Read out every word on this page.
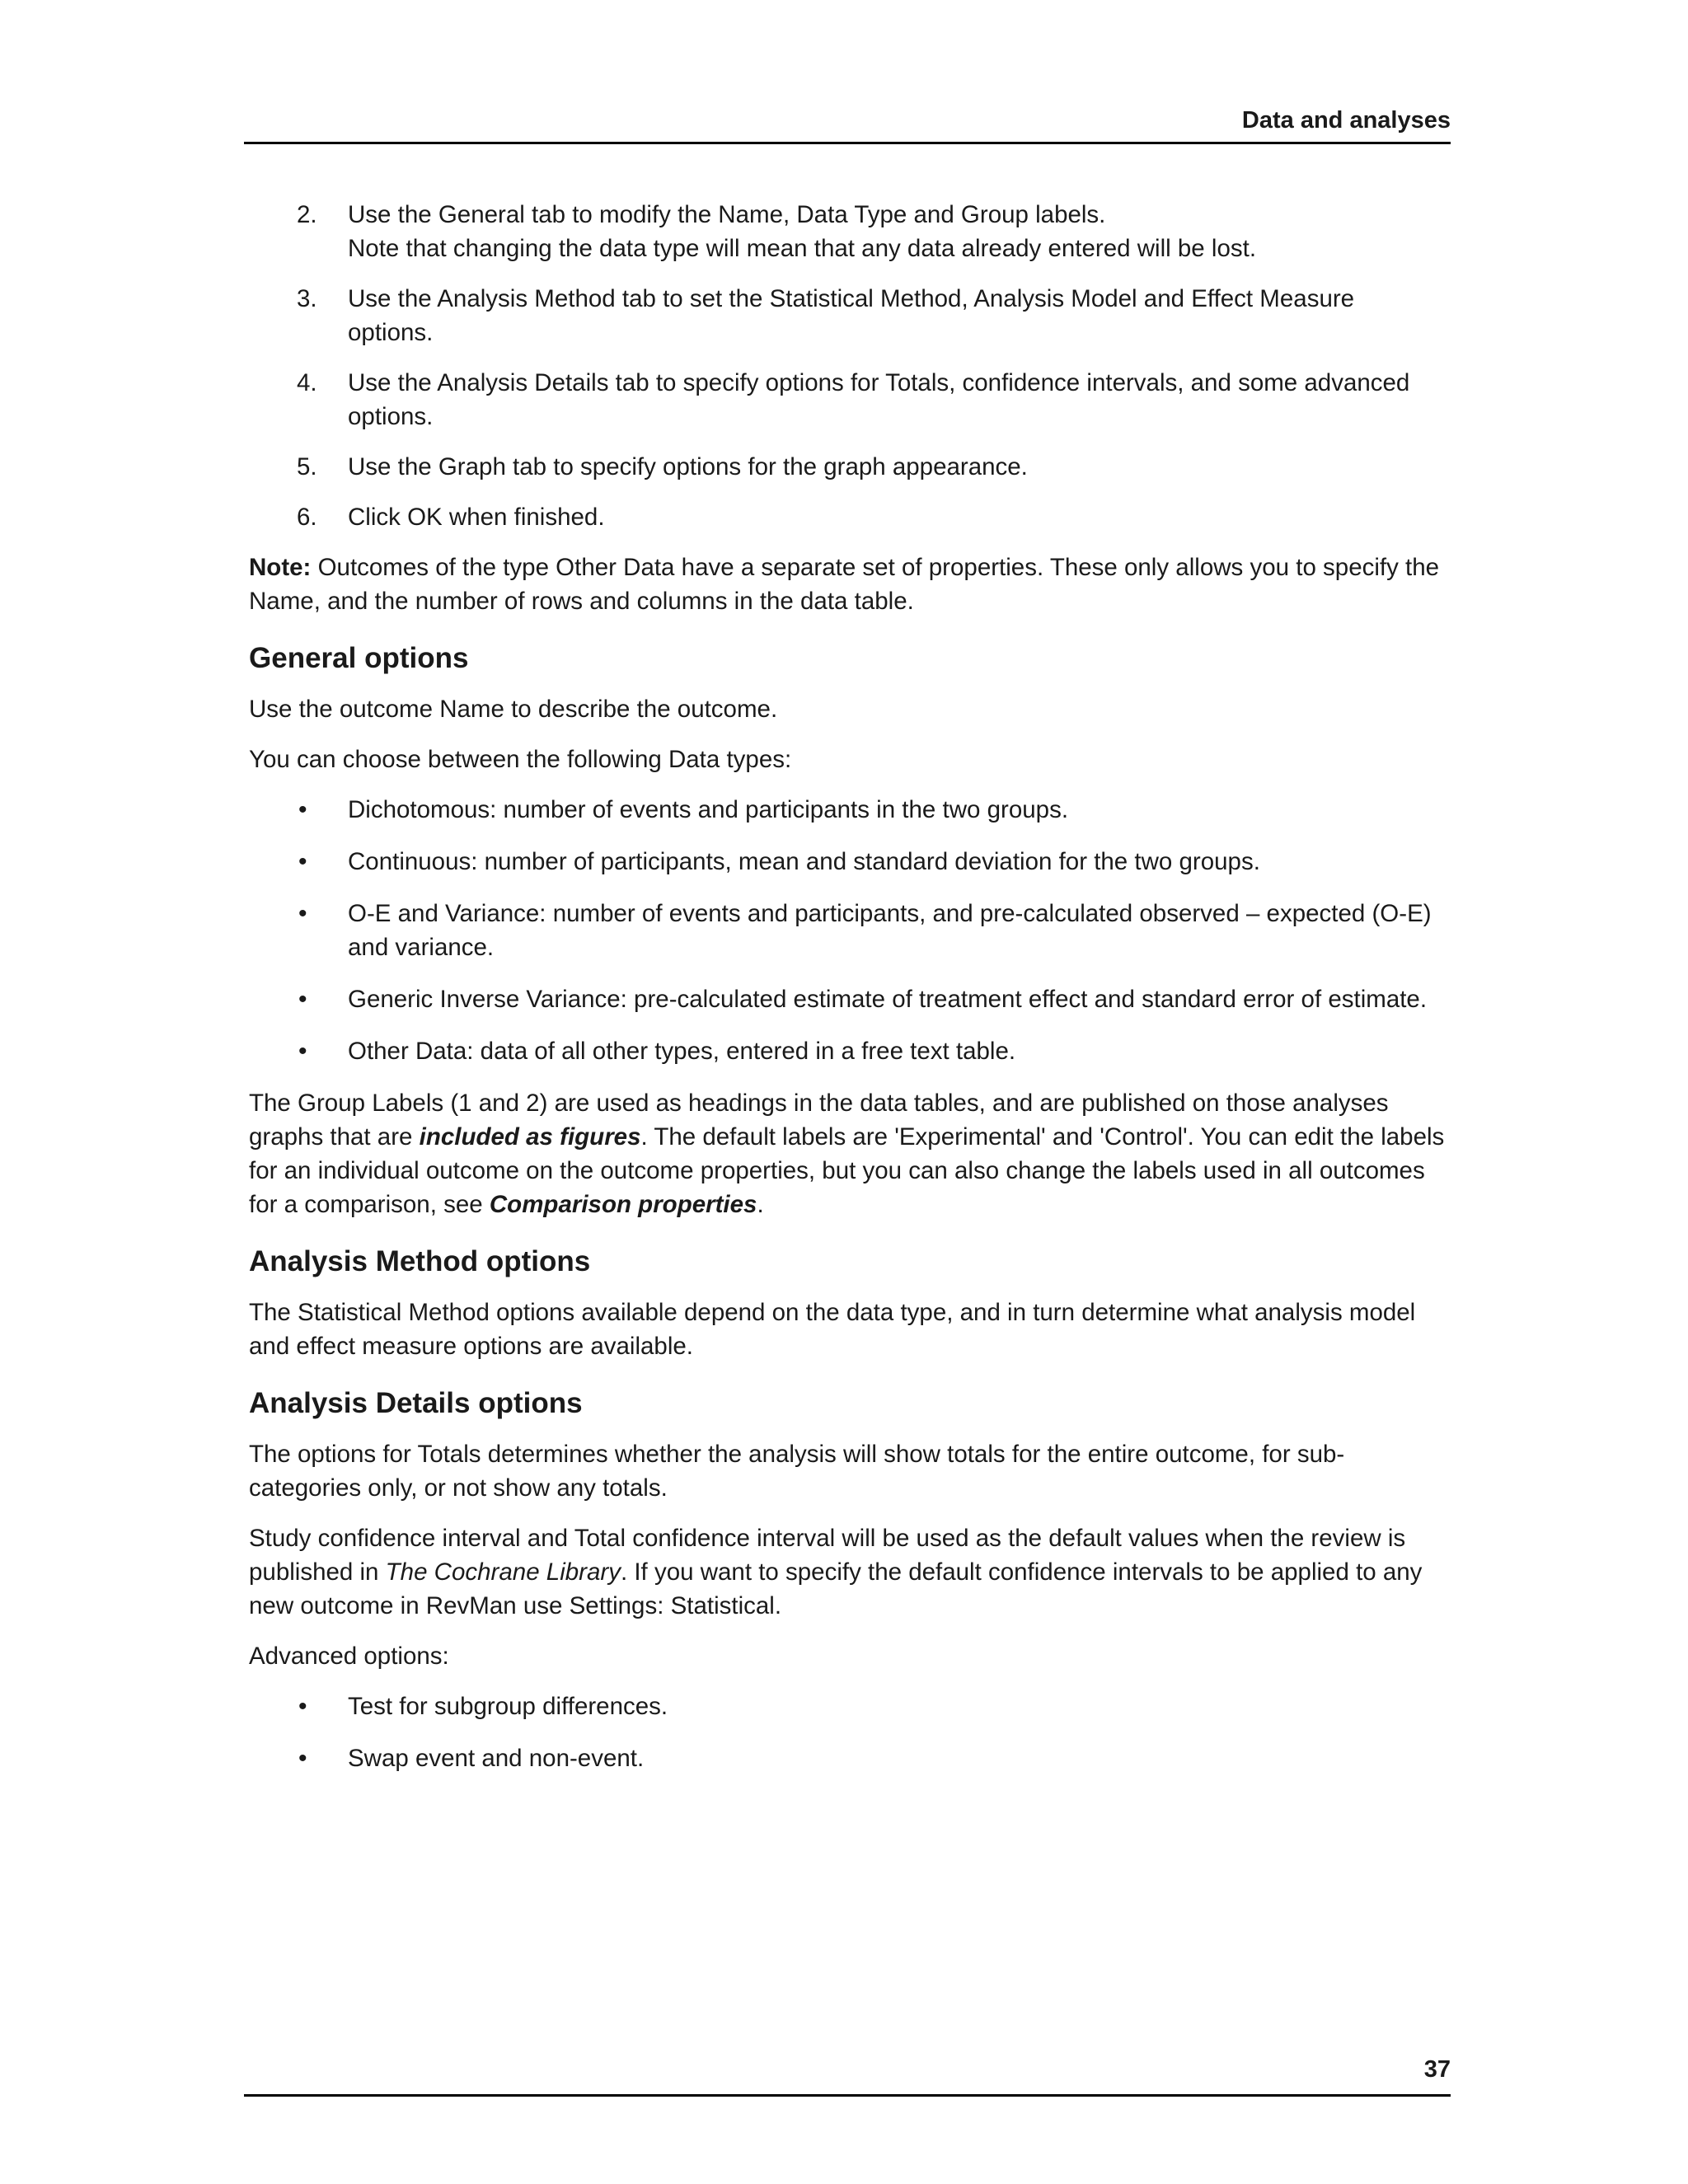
Data and analyses
2. Use the General tab to modify the Name, Data Type and Group labels.
Note that changing the data type will mean that any data already entered will be lost.
3. Use the Analysis Method tab to set the Statistical Method, Analysis Model and Effect Measure options.
4. Use the Analysis Details tab to specify options for Totals, confidence intervals, and some advanced options.
5. Use the Graph tab to specify options for the graph appearance.
6. Click OK when finished.

Note: Outcomes of the type Other Data have a separate set of properties. These only allows you to specify the Name, and the number of rows and columns in the data table.

General options

Use the outcome Name to describe the outcome.

You can choose between the following Data types:

• Dichotomous: number of events and participants in the two groups.
• Continuous: number of participants, mean and standard deviation for the two groups.
• O-E and Variance: number of events and participants, and pre-calculated observed – expected (O-E) and variance.
• Generic Inverse Variance: pre-calculated estimate of treatment effect and standard error of estimate.
• Other Data: data of all other types, entered in a free text table.

The Group Labels (1 and 2) are used as headings in the data tables, and are published on those analyses graphs that are included as figures. The default labels are 'Experimental' and 'Control'. You can edit the labels for an individual outcome on the outcome properties, but you can also change the labels used in all outcomes for a comparison, see Comparison properties.

Analysis Method options

The Statistical Method options available depend on the data type, and in turn determine what analysis model and effect measure options are available.

Analysis Details options

The options for Totals determines whether the analysis will show totals for the entire outcome, for sub-categories only, or not show any totals.

Study confidence interval and Total confidence interval will be used as the default values when the review is published in The Cochrane Library. If you want to specify the default confidence intervals to be applied to any new outcome in RevMan use Settings: Statistical.

Advanced options:

• Test for subgroup differences.
• Swap event and non-event.
37
